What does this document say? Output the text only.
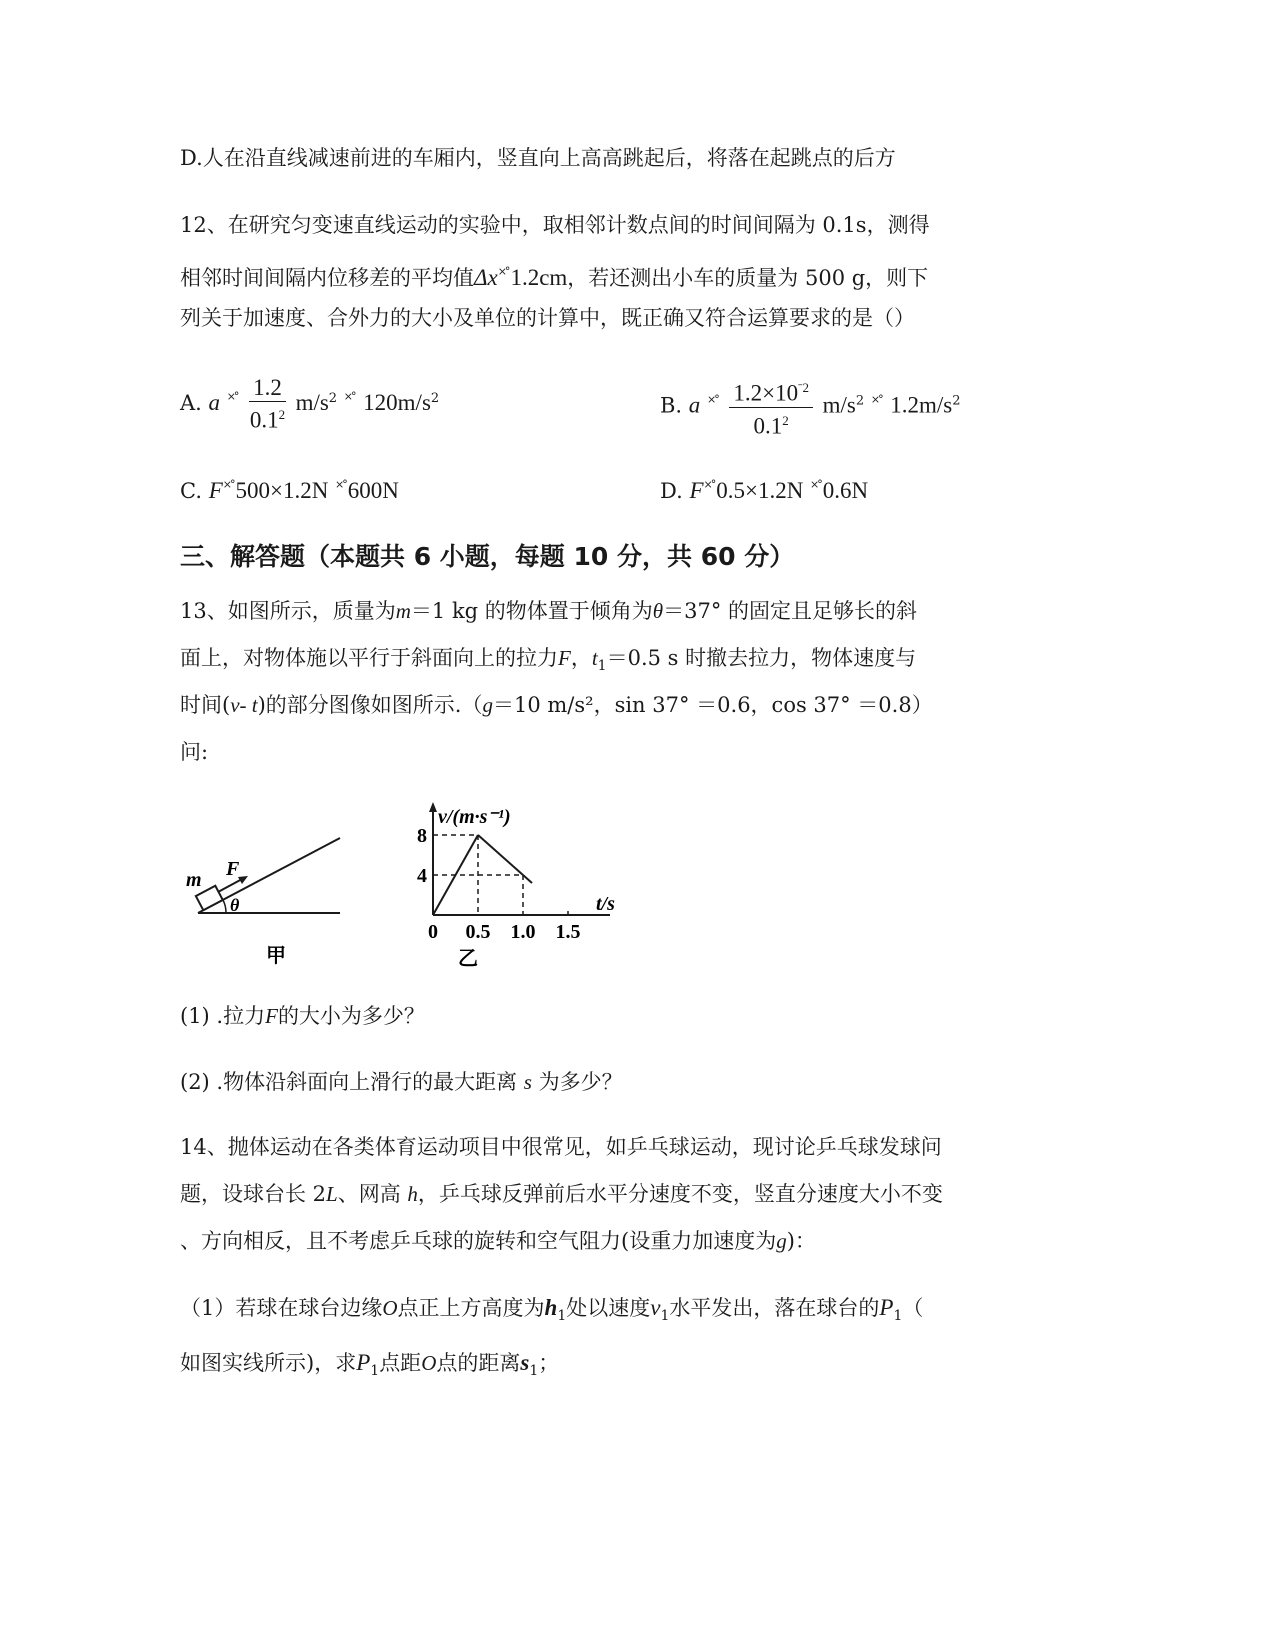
D.人在沿直线减速前进的车厢内，竖直向上高高跳起后，将落在起跳点的后方
12、在研究匀变速直线运动的实验中，取相邻计数点间的时间间隔为 0.1s，测得
相邻时间间隔内位移差的平均值Δx×°1.2cm，若还测出小车的质量为 500 g，则下
列关于加速度、合外力的大小及单位的计算中，既正确又符合运算要求的是（）
A. a $^{\times^\circ} \frac{1.2}{0.1^2} m/s^2$ ×° $120m/s^2$	B. a $^{\times^\circ} \frac{1.2\times 10^{ˉ2}}{0.1^2} m/s^2$ ×° $1.2m/s^2$
C. F×°500×1.2N ×°600N	D. F×°0.5×1.2N ×°0.6N
三、解答题（本题共 6 小题，每题 10 分，共 60 分）
13、如图所示，质量为m＝1 kg 的物体置于倾角为θ＝37° 的固定且足够长的斜
面上，对物体施以平行于斜面向上的拉力F，$t_1=0.5$ s 时撤去拉力，物体速度与
时间(v- t)的部分图像如图所示.（g＝10 m/s²，sin 37° ＝0.6，cos 37° ＝0.8）
问:
m F
θ
甲
v/(m·s⁻¹)
t/s
乙
0 0.5 1.0 1.5
8
4
(1) .拉力F的大小为多少？
(2) .物体沿斜面向上滑行的最大距离 s 为多少？
14、抛体运动在各类体育运动项目中很常见，如乒乓球运动，现讨论乒乓球发球问
题，设球台长 2L、网高 h，乒乓球反弹前后水平分速度不变，竖直分速度大小不变
、方向相反，且不考虑乒乓球的旋转和空气阻力(设重力加速度为g)：
（1）若球在球台边缘O点正上方高度为$h_1$处以速度$v_1$水平发出，落在球台的$P_1$（
如图实线所示)，求$P_1$点距O点的距离$s_1$；
